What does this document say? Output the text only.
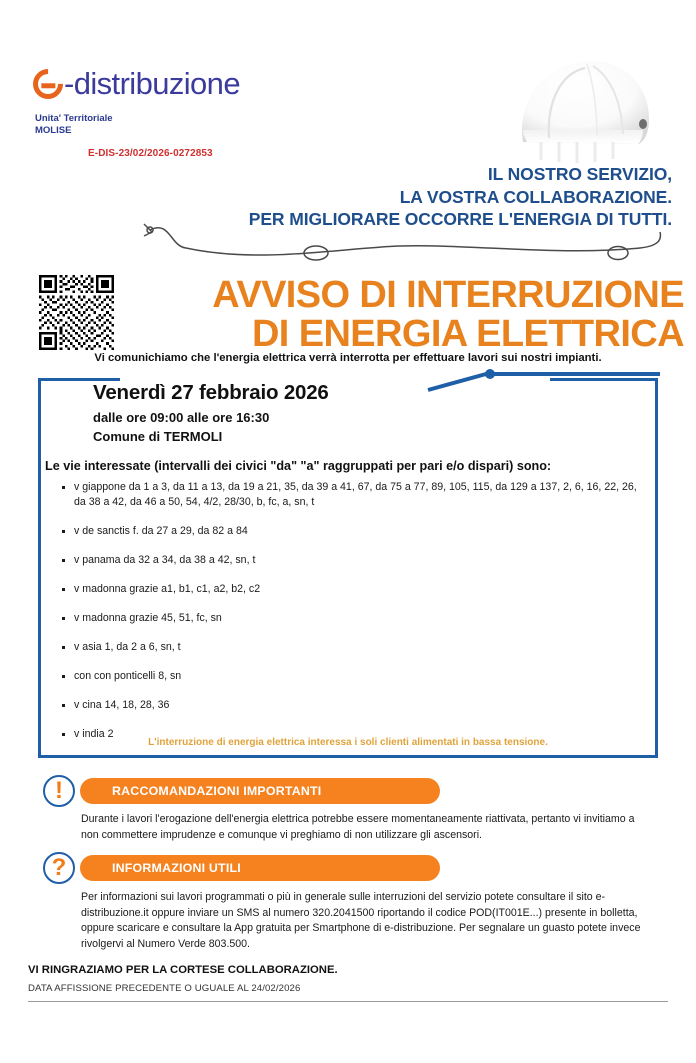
-distribuzione
Unita' Territoriale
MOLISE
E-DIS-23/02/2026-0272853
IL NOSTRO SERVIZIO,
LA VOSTRA COLLABORAZIONE.
PER MIGLIORARE OCCORRE L'ENERGIA DI TUTTI.
AVVISO DI INTERRUZIONE
DI ENERGIA ELETTRICA
Vi comunichiamo che l'energia elettrica verrà interrotta per effettuare lavori sui nostri impianti.
Venerdì 27 febbraio 2026
dalle ore 09:00 alle ore 16:30
Comune di TERMOLI
Le vie interessate (intervalli dei civici "da" "a" raggruppati per pari e/o dispari) sono:
v giappone da 1 a 3, da 11 a 13, da 19 a 21, 35, da 39 a 41, 67, da 75 a 77, 89, 105, 115, da 129 a 137, 2, 6, 16, 22, 26, da 38 a 42, da 46 a 50, 54, 4/2, 28/30, b, fc, a, sn, t
v de sanctis f. da 27 a 29, da 82 a 84
v panama da 32 a 34, da 38 a 42, sn, t
v madonna grazie a1, b1, c1, a2, b2, c2
v madonna grazie 45, 51, fc, sn
v asia 1, da 2 a 6, sn, t
con con ponticelli 8, sn
v cina 14, 18, 28, 36
v india 2
L'interruzione di energia elettrica interessa i soli clienti alimentati in bassa tensione.
!	RACCOMANDAZIONI IMPORTANTI
Durante i lavori l'erogazione dell'energia elettrica potrebbe essere momentaneamente riattivata, pertanto vi invitiamo a non commettere imprudenze e comunque vi preghiamo di non utilizzare gli ascensori.
?	INFORMAZIONI UTILI
Per informazioni sui lavori programmati o più in generale sulle interruzioni del servizio potete consultare il sito e-distribuzione.it oppure inviare un SMS al numero 320.2041500 riportando il codice POD(IT001E...) presente in bolletta, oppure scaricare e consultare la App gratuita per Smartphone di e-distribuzione. Per segnalare un guasto potete invece rivolgervi al Numero Verde 803.500.
VI RINGRAZIAMO PER LA CORTESE COLLABORAZIONE.
DATA AFFISSIONE PRECEDENTE O UGUALE AL 24/02/2026
